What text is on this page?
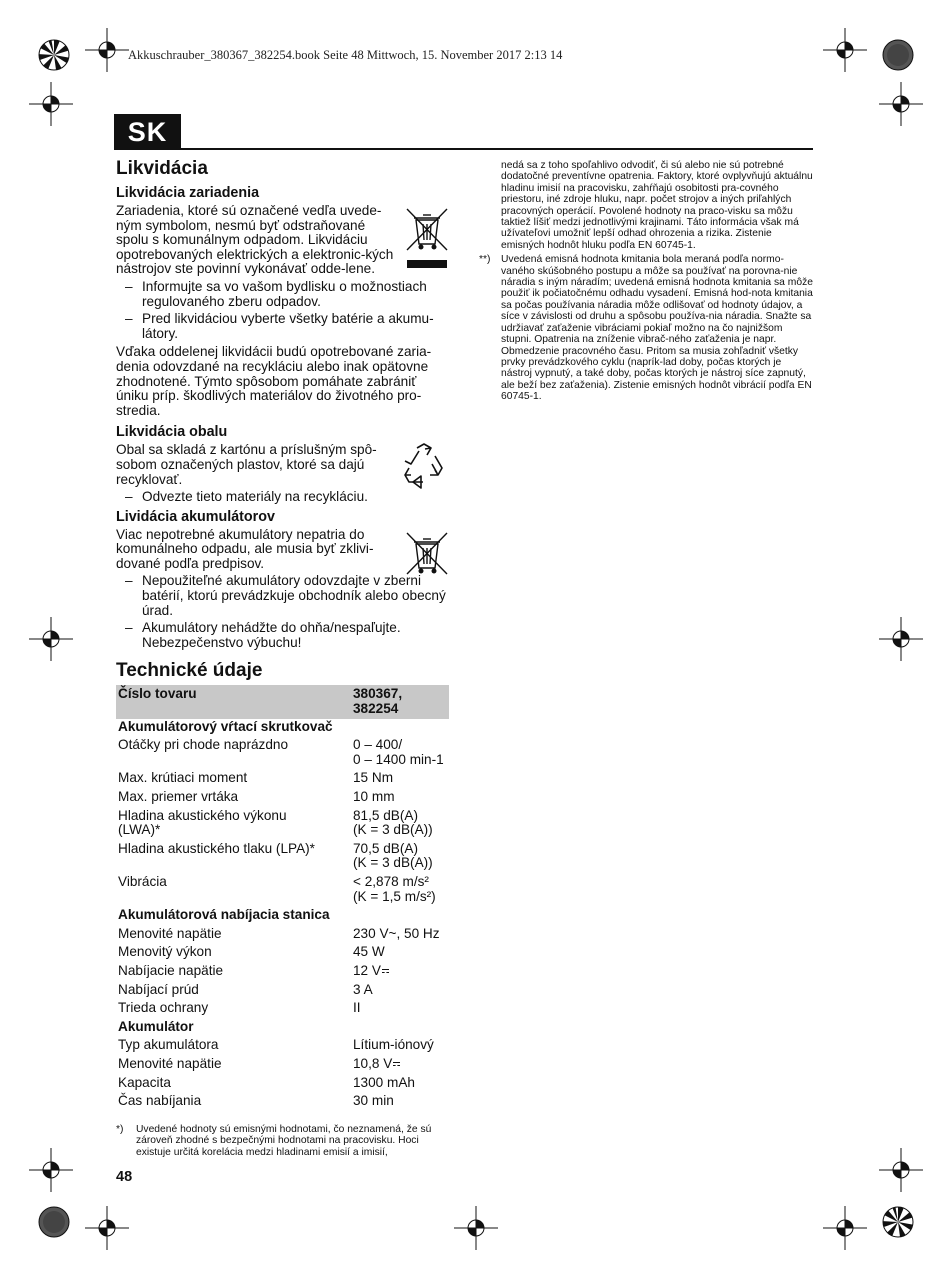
Akkuschrauber_380367_382254.book Seite 48 Mittwoch, 15. November 2017 2:13 14
SK
Likvidácia
Likvidácia zariadenia

Zariadenia, ktoré sú označené vedľa uvede-ným symbolom, nesmú byť odstraňované spolu s komunálnym odpadom. Likvidáciu opotrebovaných elektrických a elektronic-kých nástrojov ste povinní vykonávať odde-lene.

– Informujte sa vo vašom bydlisku o možnostiach regulovaného zberu odpadov.
– Pred likvidáciou vyberte všetky batérie a akumu-látory.

Vďaka oddelenej likvidácii budú opotrebované zaria-denia odovzdané na recykláciu alebo inak opätovne zhodnotené. Týmto spôsobom pomáhate zabrániť úniku príp. škodlivých materiálov do životného pro-stredia.

Likvidácia obalu

Obal sa skladá z kartónu a príslušným spô-sobom označených plastov, ktoré sa dajú recyklovať.

– Odvezte tieto materiály na recykláciu.
Lividácia akumulátorov

Viac nepotrebné akumulátory nepatria do komunálneho odpadu, ale musia byť zklivi-dované podľa predpisov.

– Nepoužiteľné akumulátory odovzdajte v zberni batérií, ktorú prevádzkuje obchodník alebo obecný úrad.
– Akumulátory nehádžte do ohňa/nespaľujte. Nebezpečenstvo výbuchu!
Technické údaje
Číslo tovaru	380367, 382254
Akumulátorový vŕtací skrutkovač	
Otáčky pri chode naprázdno	0 – 400/
0 – 1400 min-1
Max. krútiaci moment	15 Nm
Max. priemer vrtáka	10 mm
Hladina akustického výkonu (LWA)*	81,5 dB(A)
(K = 3 dB(A))
Hladina akustického tlaku (LPA)*	70,5 dB(A)
(K = 3 dB(A))
Vibrácia	< 2,878 m/s²
(K = 1,5 m/s²)
Akumulátorová nabíjacia stanica	
Menovité napätie	230 V~, 50 Hz
Menovitý výkon	45 W
Nabíjacie napätie	12 V
Nabíjací prúd	3 A
Trieda ochrany	II
Akumulátor	
Typ akumulátora	Lítium-iónový
Menovité napätie	10,8 V
Kapacita	1300 mAh
Čas nabíjania	30 min
*) Uvedené hodnoty sú emisnými hodnotami, čo neznamená, že sú zároveň zhodné s bezpečnými hodnotami na pracovisku. Hoci existuje určitá korelácia medzi hladinami emisií a imisií,
nedá sa z toho spoľahlivo odvodiť, či sú alebo nie sú potrebné dodatočné preventívne opatrenia. Faktory, ktoré ovplyvňujú aktuálnu hladinu imisií na pracovisku, zahŕňajú osobitosti pra-covného priestoru, iné zdroje hluku, napr. počet strojov a iných priľahlých pracovných operácií. Povolené hodnoty na praco-visku sa môžu taktiež líšiť medzi jednotlivými krajinami. Táto informácia však má užívateľovi umožniť lepší odhad ohrozenia a rizika. Zistenie emisných hodnôt hluku podľa EN 60745-1.
**) Uvedená emisná hodnota kmitania bola meraná podľa normo-vaného skúšobného postupu a môže sa používať na porovna-nie náradia s iným náradím; uvedená emisná hodnota kmitania sa môže použiť ik počiatočnému odhadu vysadení. Emisná hod-nota kmitania sa počas používania náradia môže odlišovať od hodnoty údajov, a síce v závislosti od druhu a spôsobu používa-nia náradia. Snažte sa udržiavať zaťaženie vibráciami pokiaľ možno na čo najnižšom stupni. Opatrenia na zníženie vibrač-ného zaťaženia je napr. Obmedzenie pracovného času. Pritom sa musia zohľadniť všetky prvky prevádzkového cyklu (naprík-lad doby, počas ktorých je nástroj vypnutý, a také doby, počas ktorých je nástroj síce zapnutý, ale beží bez zaťaženia). Zistenie emisných hodnôt vibrácií podľa EN 60745-1.
48
